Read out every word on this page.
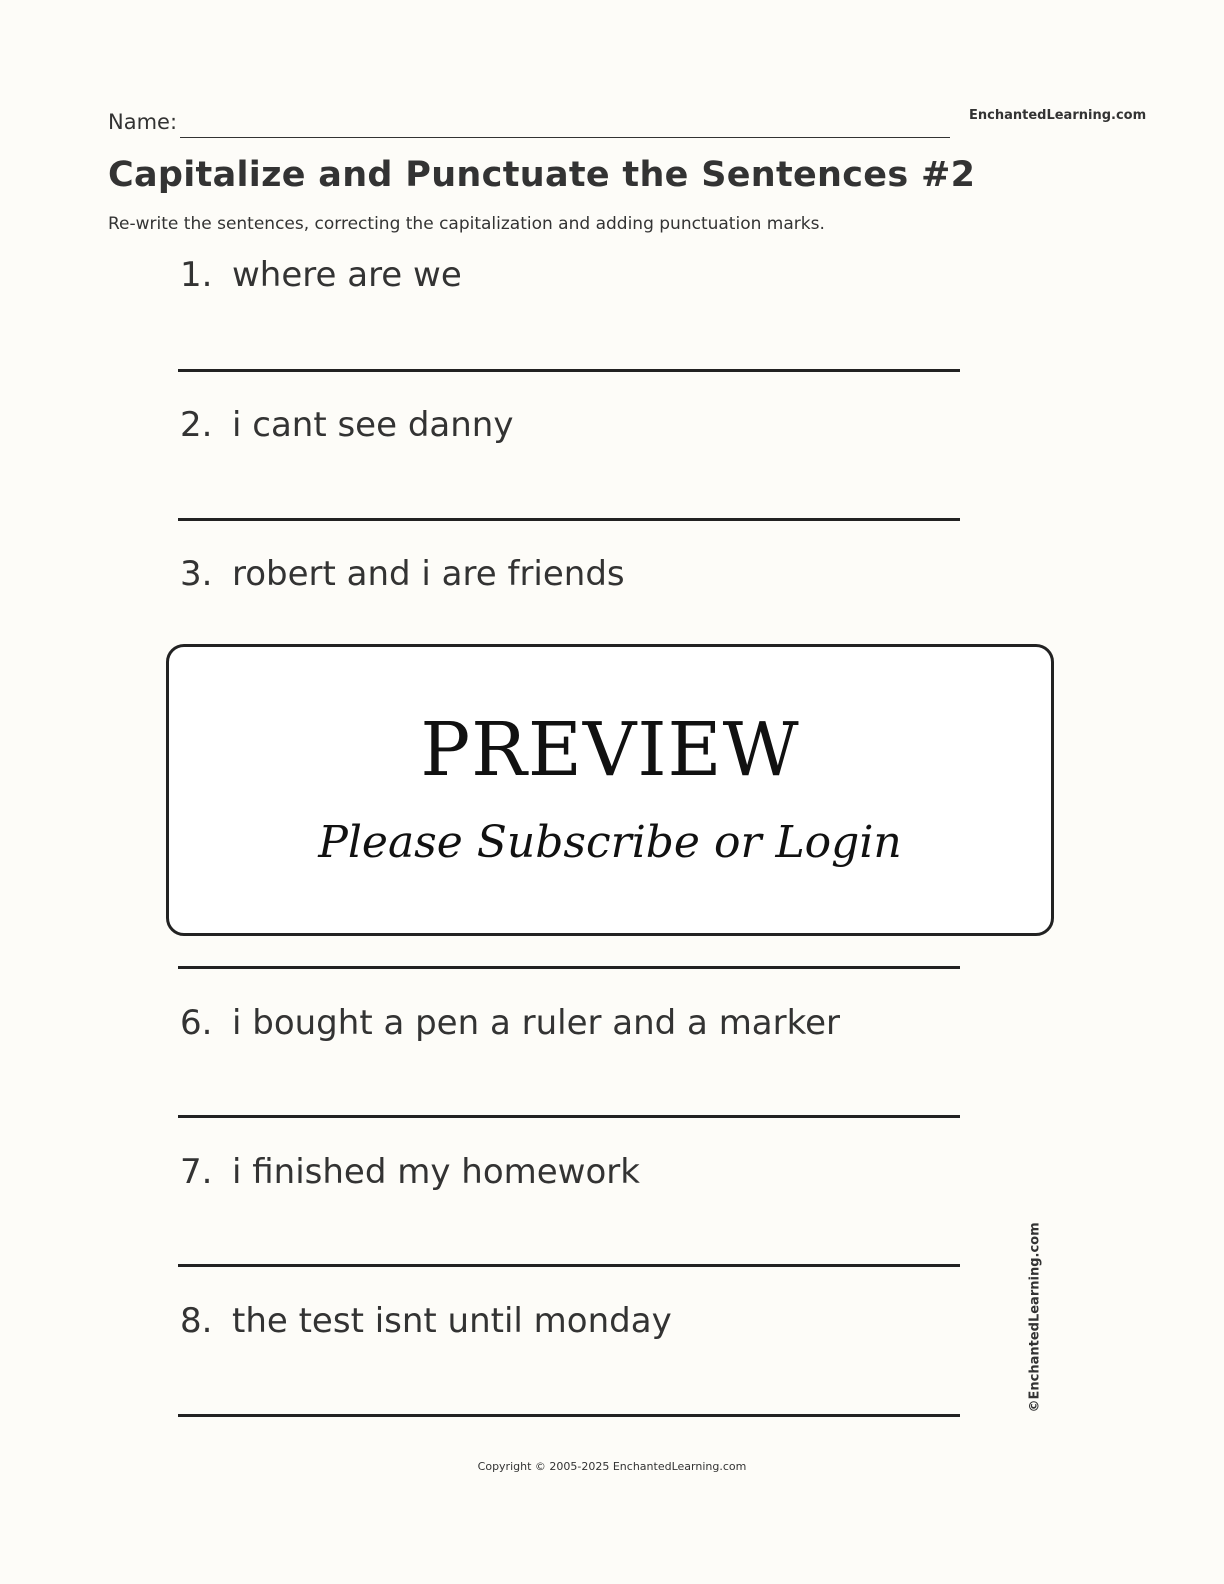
Name:	EnchantedLearning.com
Capitalize and Punctuate the Sentences #2
Re-write the sentences, correcting the capitalization and adding punctuation marks.
1. where are we
2. i cant see danny
3. robert and i are friends
PREVIEW
Please Subscribe or Login
6. i bought a pen a ruler and a marker
7. i finished my homework
8. the test isnt until monday	©EnchantedLearning.com
Copyright © 2005-2025 EnchantedLearning.com
